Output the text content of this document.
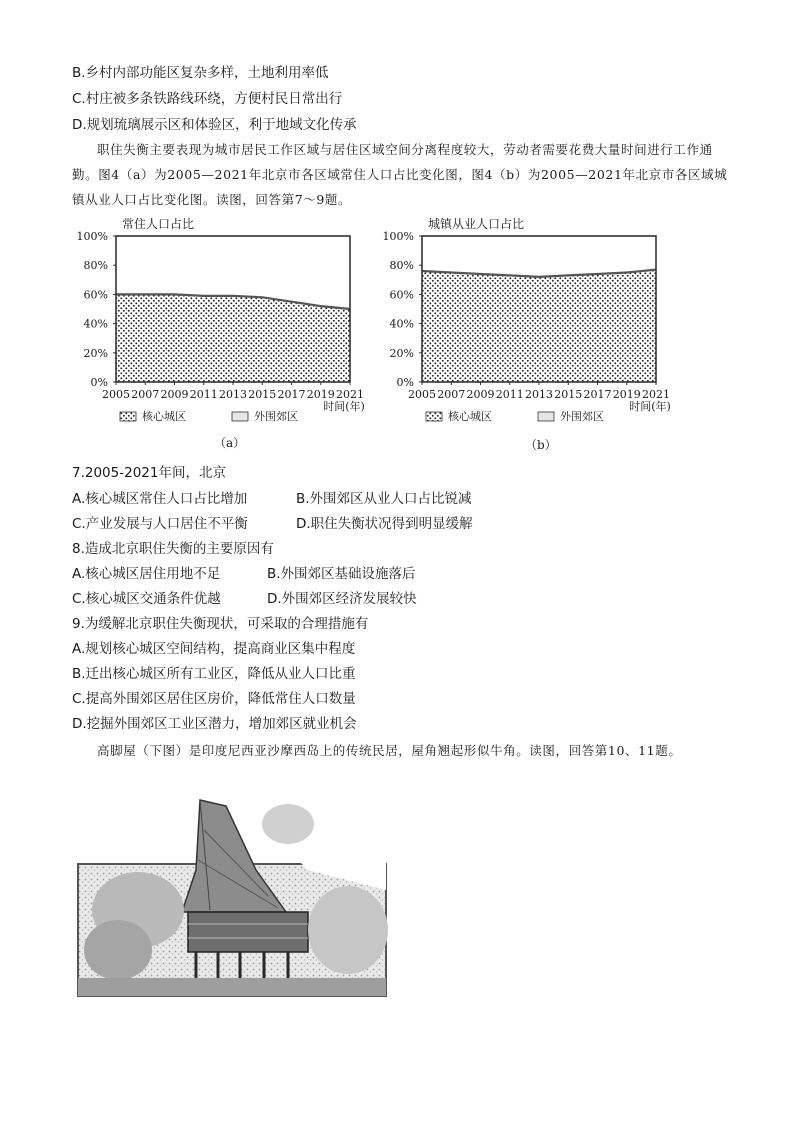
B.乡村内部功能区复杂多样，土地利用率低
C.村庄被多条铁路线环绕，方便村民日常出行
D.规划琉璃展示区和体验区，利于地域文化传承
职住失衡主要表现为城市居民工作区域与居住区域空间分离程度较大，劳动者需要花费大量时间进行工作通勤。图4（a）为2005—2021年北京市各区域常住人口占比变化图，图4（b）为2005—2021年北京市各区域城镇从业人口占比变化图。读图，回答第7～9题。
常住人口占比
0%
20%
40%
60%
80%
100%
2005 2007 2009 2011 2013 2015 2017 2019 2021
时间(年)
核心城区	外围郊区
（a）
城镇从业人口占比
0%
20%
40%
60%
80%
100%
2005 2007 2009 2011 2013 2015 2017 2019 2021
时间(年)
核心城区	外围郊区
（b）
7.2005-2021年间，北京
A.核心城区常住人口占比增加	B.外围郊区从业人口占比锐减
C.产业发展与人口居住不平衡	D.职住失衡状况得到明显缓解
8.造成北京职住失衡的主要原因有
A.核心城区居住用地不足	B.外围郊区基础设施落后
C.核心城区交通条件优越	D.外围郊区经济发展较快
9.为缓解北京职住失衡现状，可采取的合理措施有
A.规划核心城区空间结构，提高商业区集中程度
B.迁出核心城区所有工业区，降低从业人口比重
C.提高外围郊区居住区房价，降低常住人口数量
D.挖掘外围郊区工业区潜力，增加郊区就业机会
高脚屋（下图）是印度尼西亚沙摩西岛上的传统民居，屋角翘起形似牛角。读图，回答第10、11题。
